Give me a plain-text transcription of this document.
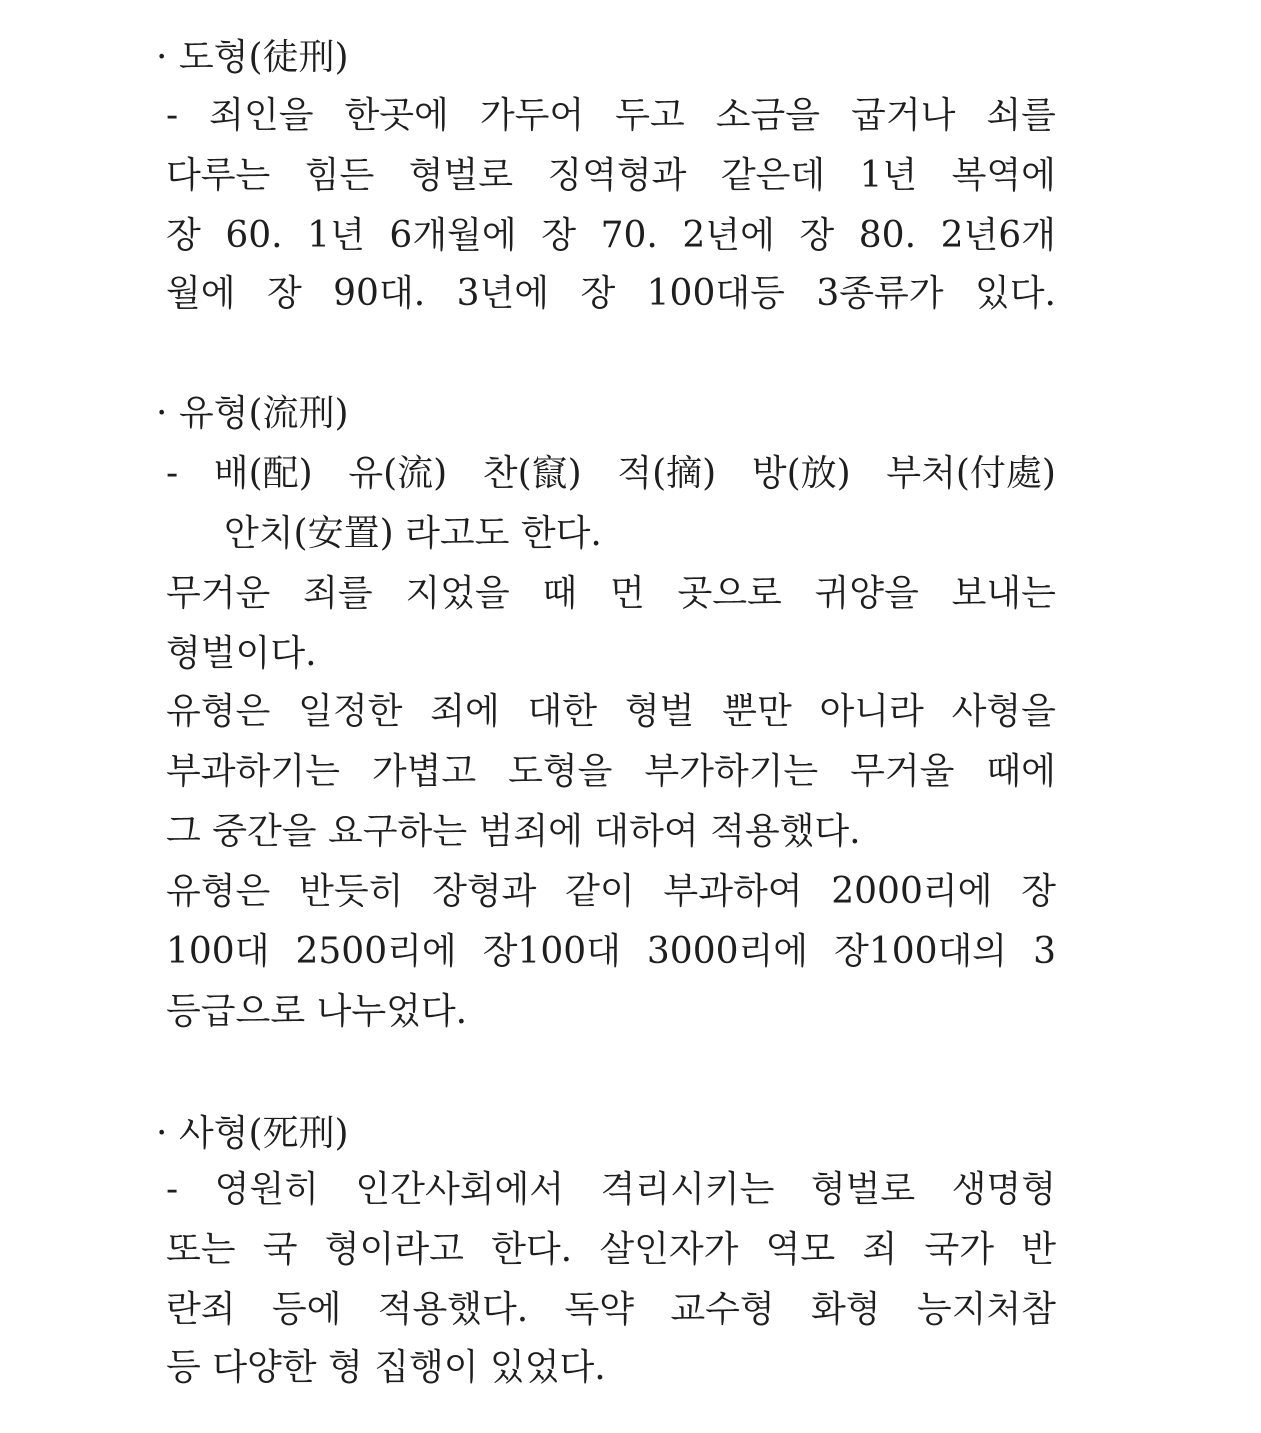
· 도형(徒刑)
- 죄인을 한곳에 가두어 두고 소금을 굽거나 쇠를
다루는 힘든 형벌로 징역형과 같은데 1년 복역에
장 60. 1년 6개월에 장 70. 2년에 장 80. 2년6개
월에 장 90대. 3년에 장 100대등 3종류가 있다.
· 유형(流刑)
- 배(配) 유(流) 찬(竄) 적(摘) 방(放) 부처(付處)
안치(安置) 라고도 한다.
무거운 죄를 지었을 때 먼 곳으로 귀양을 보내는
형벌이다.
유형은 일정한 죄에 대한 형벌 뿐만 아니라 사형을
부과하기는 가볍고 도형을 부가하기는 무거울 때에
그 중간을 요구하는 범죄에 대하여 적용했다.
유형은 반듯히 장형과 같이 부과하여 2000리에 장
100대 2500리에 장100대 3000리에 장100대의 3
등급으로 나누었다.
· 사형(死刑)
- 영원히 인간사회에서 격리시키는 형벌로 생명형
또는 국 형이라고 한다. 살인자가 역모 죄 국가 반
란죄 등에 적용했다. 독약 교수형 화형 능지처참
등 다양한 형 집행이 있었다.
